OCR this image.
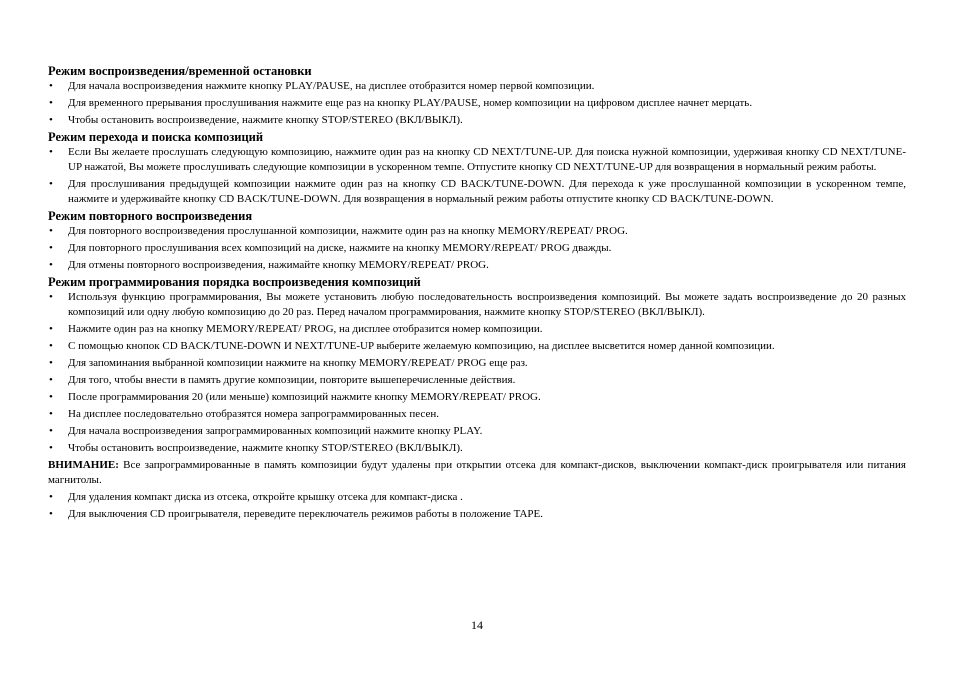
Режим воспроизведения/временной остановки
• Для начала воспроизведения нажмите кнопку PLAY/PAUSE, на дисплее отобразится номер первой композиции.
• Для временного прерывания прослушивания нажмите еще раз на кнопку PLAY/PAUSE, номер композиции на цифровом дисплее начнет мерцать.
• Чтобы остановить воспроизведение, нажмите кнопку STOP/STEREO (ВКЛ/ВЫКЛ).
Режим перехода и поиска композиций
• Если Вы желаете прослушать следующую композицию, нажмите один раз на кнопку CD NEXT/TUNE-UP. Для поиска нужной композиции, удерживая кнопку CD NEXT/TUNE-UP нажатой, Вы можете прослушивать следующие композиции в ускоренном темпе. Отпустите кнопку CD NEXT/TUNE-UP для возвращения в нормальный режим работы.
• Для прослушивания предыдущей композиции нажмите один раз на кнопку CD BACK/TUNE-DOWN. Для перехода к уже прослушанной композиции в ускоренном темпе, нажмите и удерживайте кнопку CD BACK/TUNE-DOWN. Для возвращения в нормальный режим работы отпустите кнопку CD BACK/TUNE-DOWN.
Режим повторного воспроизведения
• Для повторного воспроизведения прослушанной композиции, нажмите один раз на кнопку MEMORY/REPEAT/ PROG.
• Для повторного прослушивания всех композиций на диске, нажмите на кнопку MEMORY/REPEAT/ PROG дважды.
• Для отмены повторного воспроизведения, нажимайте кнопку MEMORY/REPEAT/ PROG.
Режим программирования порядка воспроизведения композиций
• Используя функцию программирования, Вы можете установить любую последовательность воспроизведения композиций. Вы можете задать воспроизведение до 20 разных композиций или одну любую композицию до 20 раз. Перед началом программирования, нажмите кнопку STOP/STEREO (ВКЛ/ВЫКЛ).
• Нажмите один раз на кнопку MEMORY/REPEAT/ PROG, на дисплее отобразится номер композиции.
• С помощью кнопок CD BACK/TUNE-DOWN И NEXT/TUNE-UP выберите желаемую композицию, на дисплее высветится номер данной композиции.
• Для запоминания выбранной композиции нажмите на кнопку MEMORY/REPEAT/ PROG еще раз.
• Для того, чтобы внести в память другие композиции, повторите вышеперечисленные действия.
• После программирования 20 (или меньше) композиций нажмите кнопку MEMORY/REPEAT/ PROG.
• На дисплее последовательно отобразятся номера запрограммированных песен.
• Для начала воспроизведения запрограммированных композиций нажмите кнопку PLAY.
• Чтобы остановить воспроизведение, нажмите кнопку STOP/STEREO (ВКЛ/ВЫКЛ).

ВНИМАНИЕ: Все запрограммированные в память композиции будут удалены при открытии отсека для компакт-дисков, выключении компакт-диск проигрывателя или питания магнитолы.

• Для удаления компакт диска из отсека, откройте крышку отсека для компакт-диска .
• Для выключения CD проигрывателя, переведите переключатель режимов работы в положение TAPE.
14
